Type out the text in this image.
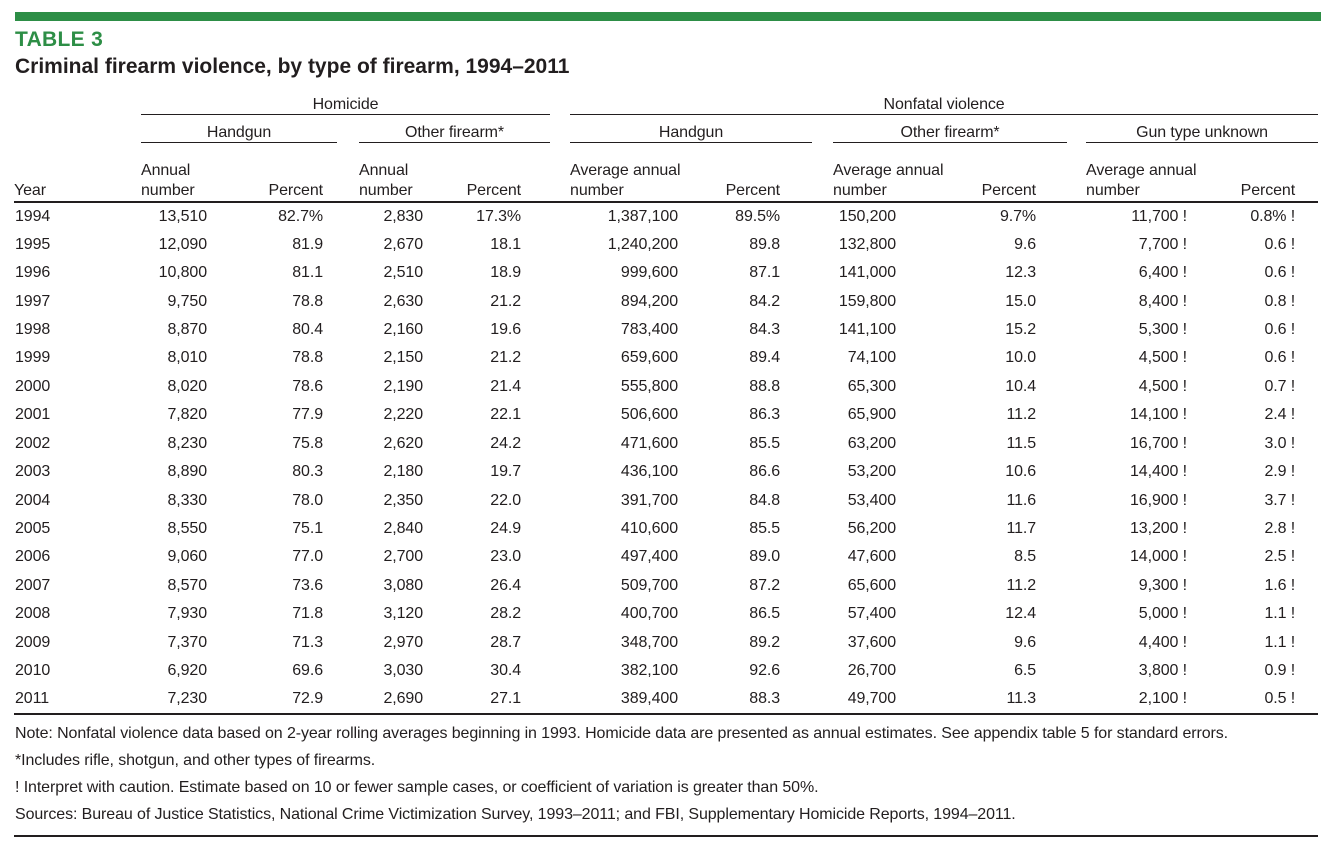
TABLE 3
Criminal firearm violence, by type of firearm, 1994–2011
	Homicide						Nonfatal violence							
	Handgun			Other firearm*			Handgun			Other firearm*			Gun type unknown	
Year	Annual number	Percent		Annual number	Percent		Average annual number	Percent		Average annual number	Percent		Average annual number	Percent
1994	13,510	82.7%		2,830	17.3%		1,387,100	89.5%		150,200	9.7%		11,700 !	0.8% !
1995	12,090	81.9		2,670	18.1		1,240,200	89.8		132,800	9.6		7,700 !	0.6 !
1996	10,800	81.1		2,510	18.9		999,600	87.1		141,000	12.3		6,400 !	0.6 !
1997	9,750	78.8		2,630	21.2		894,200	84.2		159,800	15.0		8,400 !	0.8 !
1998	8,870	80.4		2,160	19.6		783,400	84.3		141,100	15.2		5,300 !	0.6 !
1999	8,010	78.8		2,150	21.2		659,600	89.4		74,100	10.0		4,500 !	0.6 !
2000	8,020	78.6		2,190	21.4		555,800	88.8		65,300	10.4		4,500 !	0.7 !
2001	7,820	77.9		2,220	22.1		506,600	86.3		65,900	11.2		14,100 !	2.4 !
2002	8,230	75.8		2,620	24.2		471,600	85.5		63,200	11.5		16,700 !	3.0 !
2003	8,890	80.3		2,180	19.7		436,100	86.6		53,200	10.6		14,400 !	2.9 !
2004	8,330	78.0		2,350	22.0		391,700	84.8		53,400	11.6		16,900 !	3.7 !
2005	8,550	75.1		2,840	24.9		410,600	85.5		56,200	11.7		13,200 !	2.8 !
2006	9,060	77.0		2,700	23.0		497,400	89.0		47,600	8.5		14,000 !	2.5 !
2007	8,570	73.6		3,080	26.4		509,700	87.2		65,600	11.2		9,300 !	1.6 !
2008	7,930	71.8		3,120	28.2		400,700	86.5		57,400	12.4		5,000 !	1.1 !
2009	7,370	71.3		2,970	28.7		348,700	89.2		37,600	9.6		4,400 !	1.1 !
2010	6,920	69.6		3,030	30.4		382,100	92.6		26,700	6.5		3,800 !	0.9 !
2011	7,230	72.9		2,690	27.1		389,400	88.3		49,700	11.3		2,100 !	0.5 !
Note: Nonfatal violence data based on 2-year rolling averages beginning in 1993. Homicide data are presented as annual estimates. See appendix table 5 for standard errors.
*Includes rifle, shotgun, and other types of firearms.
! Interpret with caution. Estimate based on 10 or fewer sample cases, or coefficient of variation is greater than 50%.
Sources: Bureau of Justice Statistics, National Crime Victimization Survey, 1993–2011; and FBI, Supplementary Homicide Reports, 1994–2011.
